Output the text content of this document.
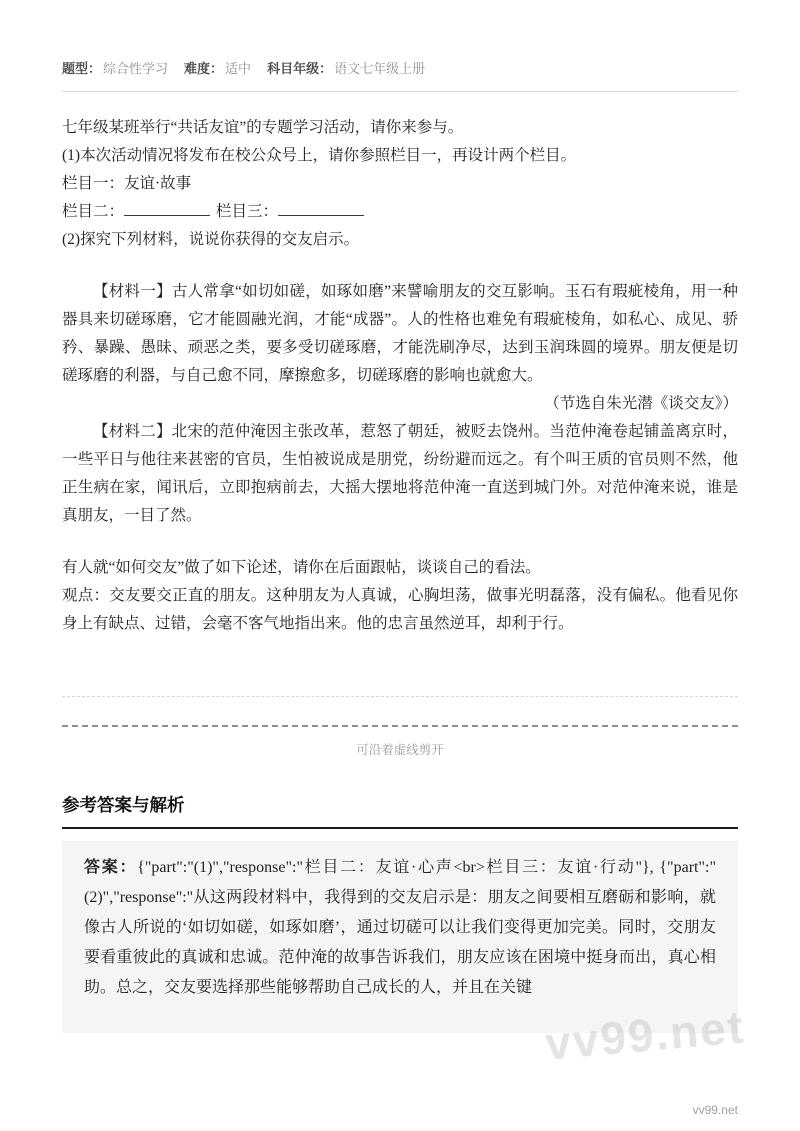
题型： 综合性学习 难度： 适中 科目年级： 语文七年级上册

七年级某班举行“共话友谊”的专题学习活动，请你来参与。

(1)本次活动情况将发布在校公众号上，请你参照栏目一，再设计两个栏目。

栏目一：友谊·故事

栏目二：	栏目三：

(2)探究下列材料，说说你获得的交友启示。

【材料一】古人常拿“如切如磋，如琢如磨”来譬喻朋友的交互影响。玉石有瑕疵棱角，用一种器具来切磋琢磨，它才能圆融光润，才能“成器”。人的性格也难免有瑕疵棱角，如私心、成见、骄矜、暴躁、愚昧、顽恶之类，要多受切磋琢磨，才能洗刷净尽，达到玉润珠圆的境界。朋友便是切磋琢磨的利器，与自己愈不同，摩擦愈多，切磋琢磨的影响也就愈大。

（节选自朱光潜《谈交友》）

【材料二】北宋的范仲淹因主张改革，惹怒了朝廷，被贬去饶州。当范仲淹卷起铺盖离京时，一些平日与他往来甚密的官员，生怕被说成是朋党，纷纷避而远之。有个叫王质的官员则不然，他正生病在家，闻讯后，立即抱病前去，大摇大摆地将范仲淹一直送到城门外。对范仲淹来说，谁是真朋友，一目了然。

有人就“如何交友”做了如下论述，请你在后面跟帖，谈谈自己的看法。

观点：交友要交正直的朋友。这种朋友为人真诚，心胸坦荡，做事光明磊落，没有偏私。他看见你身上有缺点、过错，会毫不客气地指出来。他的忠言虽然逆耳，却利于行。

可沿着虚线剪开
参考答案与解析

答案：{"part":"(1)","response":"栏目二：友谊·心声<br>栏目三：友谊·行动"}, {"part":"(2)","response":"从这两段材料中，我得到的交友启示是：朋友之间要相互磨砺和影响，就像古人所说的‘如切如磋，如琢如磨’，通过切磋可以让我们变得更加完美。同时，交朋友要看重彼此的真诚和忠诚。范仲淹的故事告诉我们，朋友应该在困境中挺身而出，真心相助。总之，交友要选择那些能够帮助自己成长的人，并且在关键

vv99.net
vv99.net
